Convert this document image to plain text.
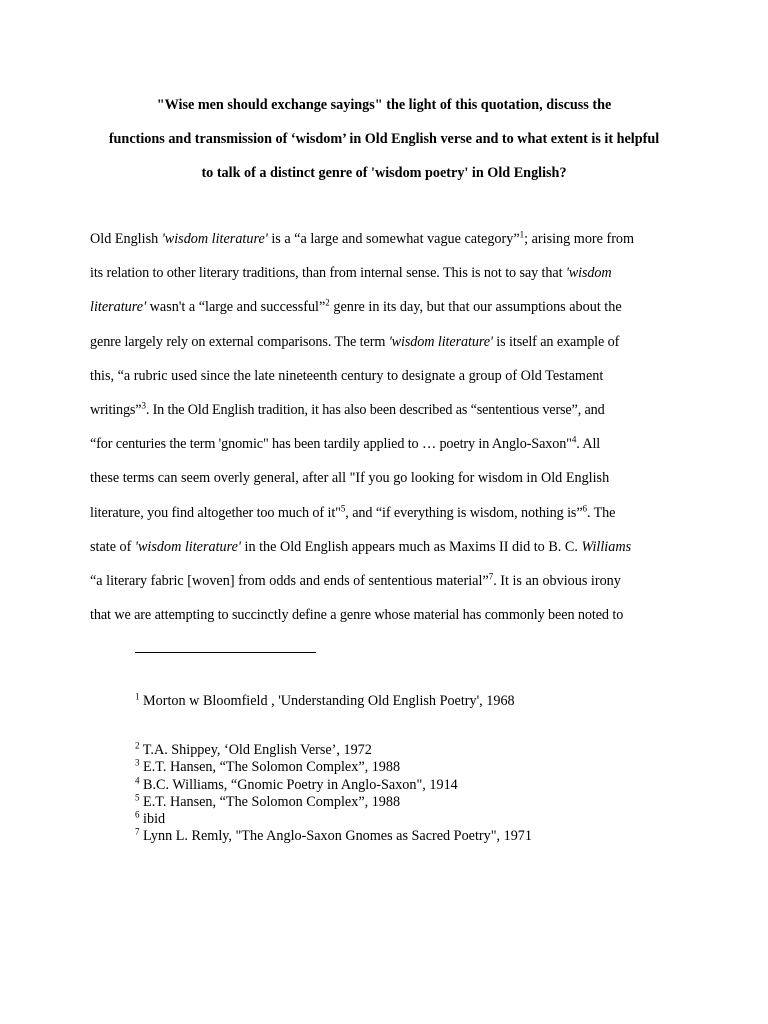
"Wise men should exchange sayings" the light of this quotation, discuss the
functions and transmission of ‘wisdom’ in Old English verse and to what extent is it helpful
to talk of a distinct genre of 'wisdom poetry' in Old English?

Old English 'wisdom literature' is a “a large and somewhat vague category”$^1$; arising more from
its relation to other literary traditions, than from internal sense. This is not to say that 'wisdom
literature' wasn't a “large and successful”$^2$ genre in its day, but that our assumptions about the
genre largely rely on external comparisons. The term 'wisdom literature' is itself an example of
this, “a rubric used since the late nineteenth century to designate a group of Old Testament
writings”$^3$. In the Old English tradition, it has also been described as “sententious verse”, and
“for centuries the term 'gnomic" has been tardily applied to … poetry in Anglo-Saxon"$^4$. All
these terms can seem overly general, after all "If you go looking for wisdom in Old English
literature, you find altogether too much of it"$^5$, and “if everything is wisdom, nothing is”$^6$. The
state of 'wisdom literature' in the Old English appears much as Maxims II did to B. C. Williams
“a literary fabric [woven] from odds and ends of sententious material”$^7$. It is an obvious irony
that we are attempting to succinctly define a genre whose material has commonly been noted to

$^1$ Morton w Bloomfield , 'Understanding Old English Poetry', 1968

$^2$ T.A. Shippey, ‘Old English Verse’, 1972
$^3$ E.T. Hansen, “The Solomon Complex”, 1988
$^4$ B.C. Williams, “Gnomic Poetry in Anglo-Saxon", 1914
$^5$ E.T. Hansen, “The Solomon Complex”, 1988
$^6$ ibid
$^7$ Lynn L. Remly, "The Anglo-Saxon Gnomes as Sacred Poetry", 1971
